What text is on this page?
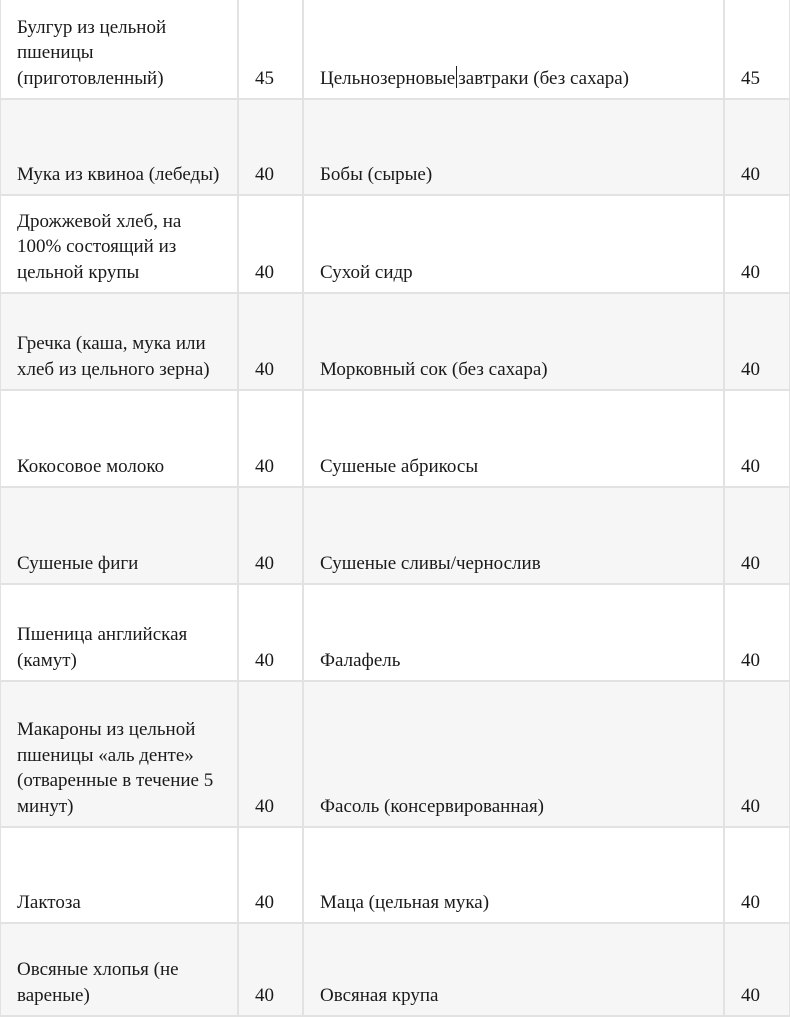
Булгур из цельной пшеницы (приготовленный)	45	Цельнозерновые завтраки (без сахара)	45
Мука из квиноа (лебеды)	40	Бобы (сырые)	40
Дрожжевой хлеб, на 100% состоящий из цельной крупы	40	Сухой сидр	40
Гречка (каша, мука или хлеб из цельного зерна)	40	Морковный сок (без сахара)	40
Кокосовое молоко	40	Сушеные абрикосы	40
Сушеные фиги	40	Сушеные сливы/чернослив	40
Пшеница английская (камут)	40	Фалафель	40
Макароны из цельной пшеницы «аль денте» (отваренные в течение 5 минут)	40	Фасоль (консервированная)	40
Лактоза	40	Маца (цельная мука)	40
Овсяные хлопья (не вареные)	40	Овсяная крупа	40
